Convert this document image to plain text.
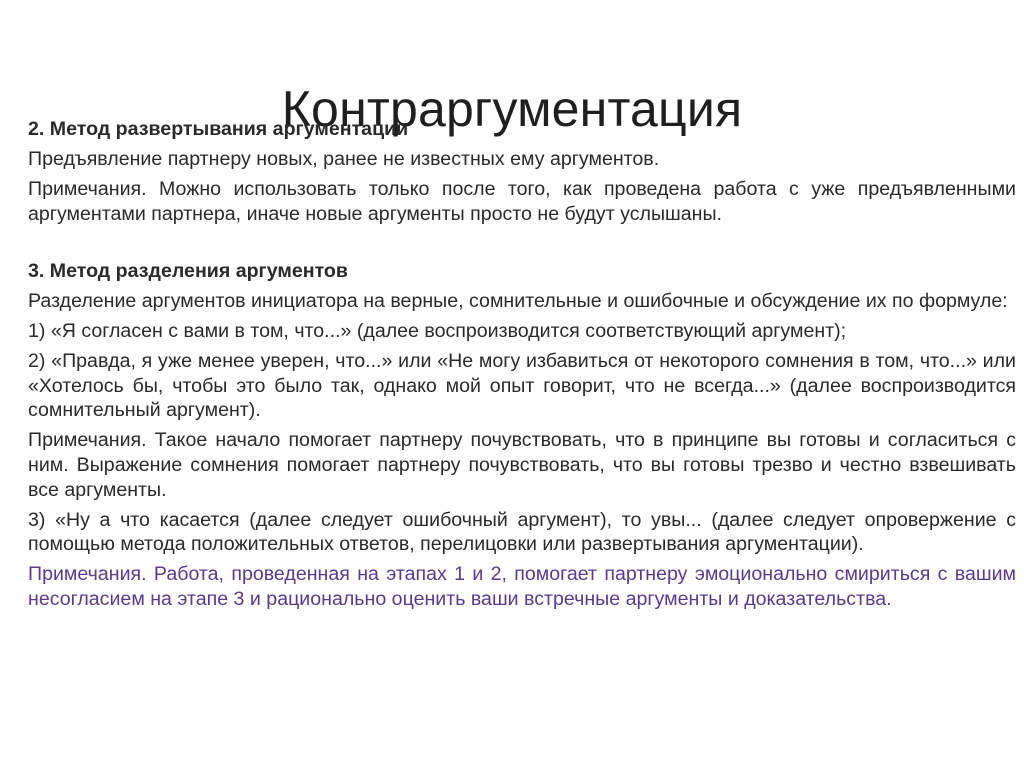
Контраргументация

2. Метод развертывания аргументации

Предъявление партнеру новых, ранее не известных ему аргументов.

Примечания. Можно использовать только после того, как проведена работа с уже предъявленными аргументами партнера, иначе новые аргументы просто не будут услышаны.

3. Метод разделения аргументов

Разделение аргументов инициатора на верные, сомнительные и ошибочные и обсуждение их по формуле:

1) «Я согласен с вами в том, что...» (далее воспроизводится соответствующий аргумент);

2) «Правда, я уже менее уверен, что...» или «Не могу избавиться от некоторого сомнения в том, что...» или «Хотелось бы, чтобы это было так, однако мой опыт говорит, что не всегда...» (далее воспроизводится сомнительный аргумент).

Примечания. Такое начало помогает партнеру почувствовать, что в принципе вы готовы и согласиться с ним. Выражение сомнения помогает партнеру почувствовать, что вы готовы трезво и честно взвешивать все аргументы.

3) «Ну а что касается (далее следует ошибочный аргумент), то увы... (далее следует опровержение с помощью метода положительных ответов, перелицовки или развертывания аргументации).

Примечания. Работа, проведенная на этапах 1 и 2, помогает партнеру эмоционально смириться с вашим несогласием на этапе 3 и рационально оценить ваши встречные аргументы и доказательства.
